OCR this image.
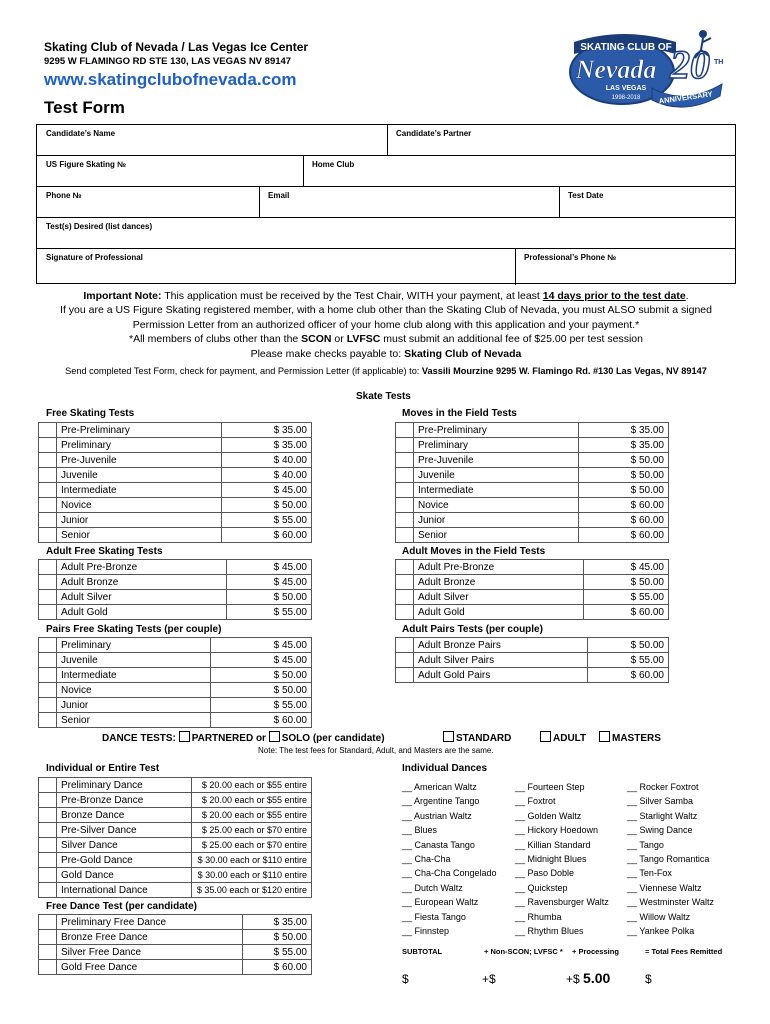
Skating Club of Nevada / Las Vegas Ice Center
9295 W FLAMINGO RD STE 130, LAS VEGAS NV 89147
www.skatingclubofnevada.com
Test Form
SKATING CLUB OF
Nevada
LAS VEGAS
1998-2018
20 TH
ANNIVERSARY
Candidate’s Name	Candidate’s Partner
US Figure Skating №	Home Club
Phone №	Email	Test Date
Test(s) Desired (list dances)
Signature of Professional	Professional’s Phone №
Important Note: This application must be received by the Test Chair, WITH your payment, at least 14 days prior to the test date.
If you are a US Figure Skating registered member, with a home club other than the Skating Club of Nevada, you must ALSO submit a signed
Permission Letter from an authorized officer of your home club along with this application and your payment.*
*All members of clubs other than the SCON or LVFSC must submit an additional fee of $25.00 per test session
Please make checks payable to: Skating Club of Nevada
Send completed Test Form, check for payment, and Permission Letter (if applicable) to: Vassili Mourzine 9295 W. Flamingo Rd. #130 Las Vegas, NV 89147
Skate Tests
Free Skating Tests	Moves in the Field Tests
Adult Free Skating Tests	Adult Moves in the Field Tests
Pairs Free Skating Tests (per couple)	Adult Pairs Tests (per couple)
	Pre-Preliminary	$ 35.00
	Preliminary	$ 35.00
	Pre-Juvenile	$ 40.00
	Juvenile	$ 40.00
	Intermediate	$ 45.00
	Novice	$ 50.00
	Junior	$ 55.00
	Senior	$ 60.00
	Pre-Preliminary	$ 35.00
	Preliminary	$ 35.00
	Pre-Juvenile	$ 50.00
	Juvenile	$ 50.00
	Intermediate	$ 50.00
	Novice	$ 60.00
	Junior	$ 60.00
	Senior	$ 60.00
	Adult Pre-Bronze	$ 45.00
	Adult Bronze	$ 45.00
	Adult Silver	$ 50.00
	Adult Gold	$ 55.00
	Adult Pre-Bronze	$ 45.00
	Adult Bronze	$ 50.00
	Adult Silver	$ 55.00
	Adult Gold	$ 60.00
	Preliminary	$ 45.00
	Juvenile	$ 45.00
	Intermediate	$ 50.00
	Novice	$ 50.00
	Junior	$ 55.00
	Senior	$ 60.00
	Adult Bronze Pairs	$ 50.00
	Adult Silver Pairs	$ 55.00
	Adult Gold Pairs	$ 60.00
DANCE TESTS: PARTNERED or SOLO (per candidate)	STANDARD	ADULT	MASTERS
Note: The test fees for Standard, Adult, and Masters are the same.
Individual or Entire Test	Individual Dances
	Preliminary Dance	$ 20.00 each or $55 entire
	Pre-Bronze Dance	$ 20.00 each or $55 entire
	Bronze Dance	$ 20.00 each or $55 entire
	Pre-Silver Dance	$ 25.00 each or $70 entire
	Silver Dance	$ 25.00 each or $70 entire
	Pre-Gold Dance	$ 30.00 each or $110 entire
	Gold Dance	$ 30.00 each or $110 entire
	International Dance	$ 35.00 each or $120 entire
Free Dance Test (per candidate)
	Preliminary Free Dance	$ 35.00
	Bronze Free Dance	$ 50.00
	Silver Free Dance	$ 55.00
	Gold Free Dance	$ 60.00
__ American Waltz
__ Argentine Tango
__ Austrian Waltz
__ Blues
__ Canasta Tango
__ Cha-Cha
__ Cha-Cha Congelado
__ Dutch Waltz
__ European Waltz
__ Fiesta Tango
__ Finnstep
__ Fourteen Step
__ Foxtrot
__ Golden Waltz
__ Hickory Hoedown
__ Killian Standard
__ Midnight Blues
__ Paso Doble
__ Quickstep
__ Ravensburger Waltz
__ Rhumba
__ Rhythm Blues
__ Rocker Foxtrot
__ Silver Samba
__ Starlight Waltz
__ Swing Dance
__ Tango
__ Tango Romantica
__ Ten-Fox
__ Viennese Waltz
__ Westminster Waltz
__ Willow Waltz
__ Yankee Polka
SUBTOTAL	+ Non-SCON; LVFSC * + Processing	= Total Fees Remitted
$	+$	+$ 5.00	$
